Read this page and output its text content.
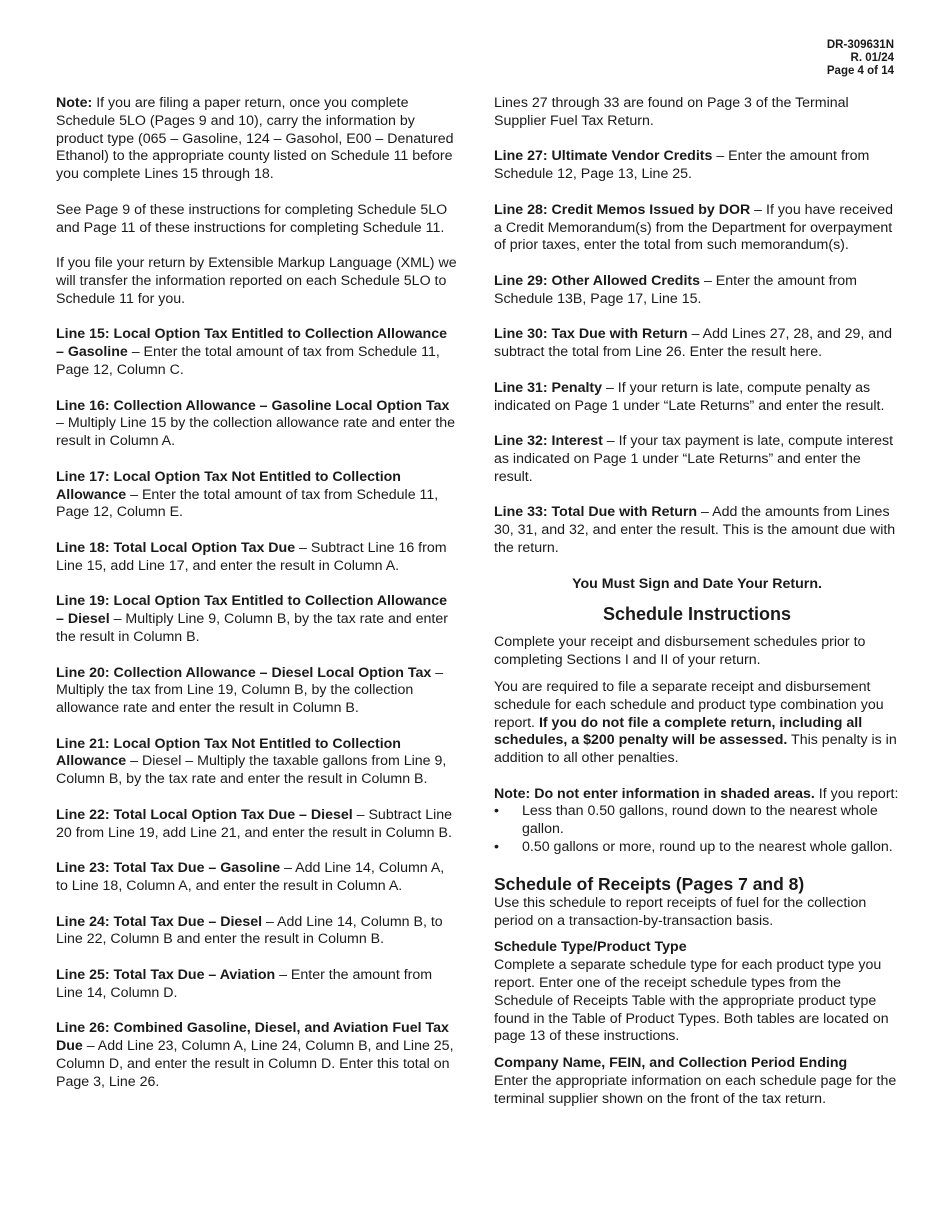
DR-309631N
R. 01/24
Page 4 of 14

Note: If you are filing a paper return, once you complete Schedule 5LO (Pages 9 and 10), carry the information by product type (065 – Gasoline, 124 – Gasohol, E00 – Denatured Ethanol) to the appropriate county listed on Schedule 11 before you complete Lines 15 through 18.

See Page 9 of these instructions for completing Schedule 5LO and Page 11 of these instructions for completing Schedule 11.

If you file your return by Extensible Markup Language (XML) we will transfer the information reported on each Schedule 5LO to Schedule 11 for you.

Line 15: Local Option Tax Entitled to Collection Allowance – Gasoline – Enter the total amount of tax from Schedule 11, Page 12, Column C.

Line 16: Collection Allowance – Gasoline Local Option Tax – Multiply Line 15 by the collection allowance rate and enter the result in Column A.

Line 17: Local Option Tax Not Entitled to Collection Allowance – Enter the total amount of tax from Schedule 11, Page 12, Column E.

Line 18: Total Local Option Tax Due – Subtract Line 16 from Line 15, add Line 17, and enter the result in Column A.

Line 19: Local Option Tax Entitled to Collection Allowance – Diesel – Multiply Line 9, Column B, by the tax rate and enter the result in Column B.

Line 20: Collection Allowance – Diesel Local Option Tax – Multiply the tax from Line 19, Column B, by the collection allowance rate and enter the result in Column B.

Line 21: Local Option Tax Not Entitled to Collection Allowance – Diesel – Multiply the taxable gallons from Line 9, Column B, by the tax rate and enter the result in Column B.

Line 22: Total Local Option Tax Due – Diesel – Subtract Line 20 from Line 19, add Line 21, and enter the result in Column B.

Line 23: Total Tax Due – Gasoline – Add Line 14, Column A, to Line 18, Column A, and enter the result in Column A.

Line 24: Total Tax Due – Diesel – Add Line 14, Column B, to Line 22, Column B and enter the result in Column B.

Line 25: Total Tax Due – Aviation – Enter the amount from Line 14, Column D.

Line 26: Combined Gasoline, Diesel, and Aviation Fuel Tax Due – Add Line 23, Column A, Line 24, Column B, and Line 25, Column D, and enter the result in Column D. Enter this total on Page 3, Line 26.

Lines 27 through 33 are found on Page 3 of the Terminal Supplier Fuel Tax Return.

Line 27: Ultimate Vendor Credits – Enter the amount from Schedule 12, Page 13, Line 25.

Line 28: Credit Memos Issued by DOR – If you have received a Credit Memorandum(s) from the Department for overpayment of prior taxes, enter the total from such memorandum(s).

Line 29: Other Allowed Credits – Enter the amount from Schedule 13B, Page 17, Line 15.

Line 30: Tax Due with Return – Add Lines 27, 28, and 29, and subtract the total from Line 26. Enter the result here.

Line 31: Penalty – If your return is late, compute penalty as indicated on Page 1 under “Late Returns” and enter the result.

Line 32: Interest – If your tax payment is late, compute interest as indicated on Page 1 under “Late Returns” and enter the result.

Line 33: Total Due with Return – Add the amounts from Lines 30, 31, and 32, and enter the result. This is the amount due with the return.

You Must Sign and Date Your Return.
Schedule Instructions

Complete your receipt and disbursement schedules prior to completing Sections I and II of your return.

You are required to file a separate receipt and disbursement schedule for each schedule and product type combination you report. If you do not file a complete return, including all schedules, a $200 penalty will be assessed. This penalty is in addition to all other penalties.

Note: Do not enter information in shaded areas. If you report:

• Less than 0.50 gallons, round down to the nearest whole gallon.
• 0.50 gallons or more, round up to the nearest whole gallon.
Schedule of Receipts (Pages 7 and 8)

Use this schedule to report receipts of fuel for the collection period on a transaction-by-transaction basis.

Schedule Type/Product Type

Complete a separate schedule type for each product type you report. Enter one of the receipt schedule types from the Schedule of Receipts Table with the appropriate product type found in the Table of Product Types. Both tables are located on page 13 of these instructions.

Company Name, FEIN, and Collection Period Ending

Enter the appropriate information on each schedule page for the terminal supplier shown on the front of the tax return.
